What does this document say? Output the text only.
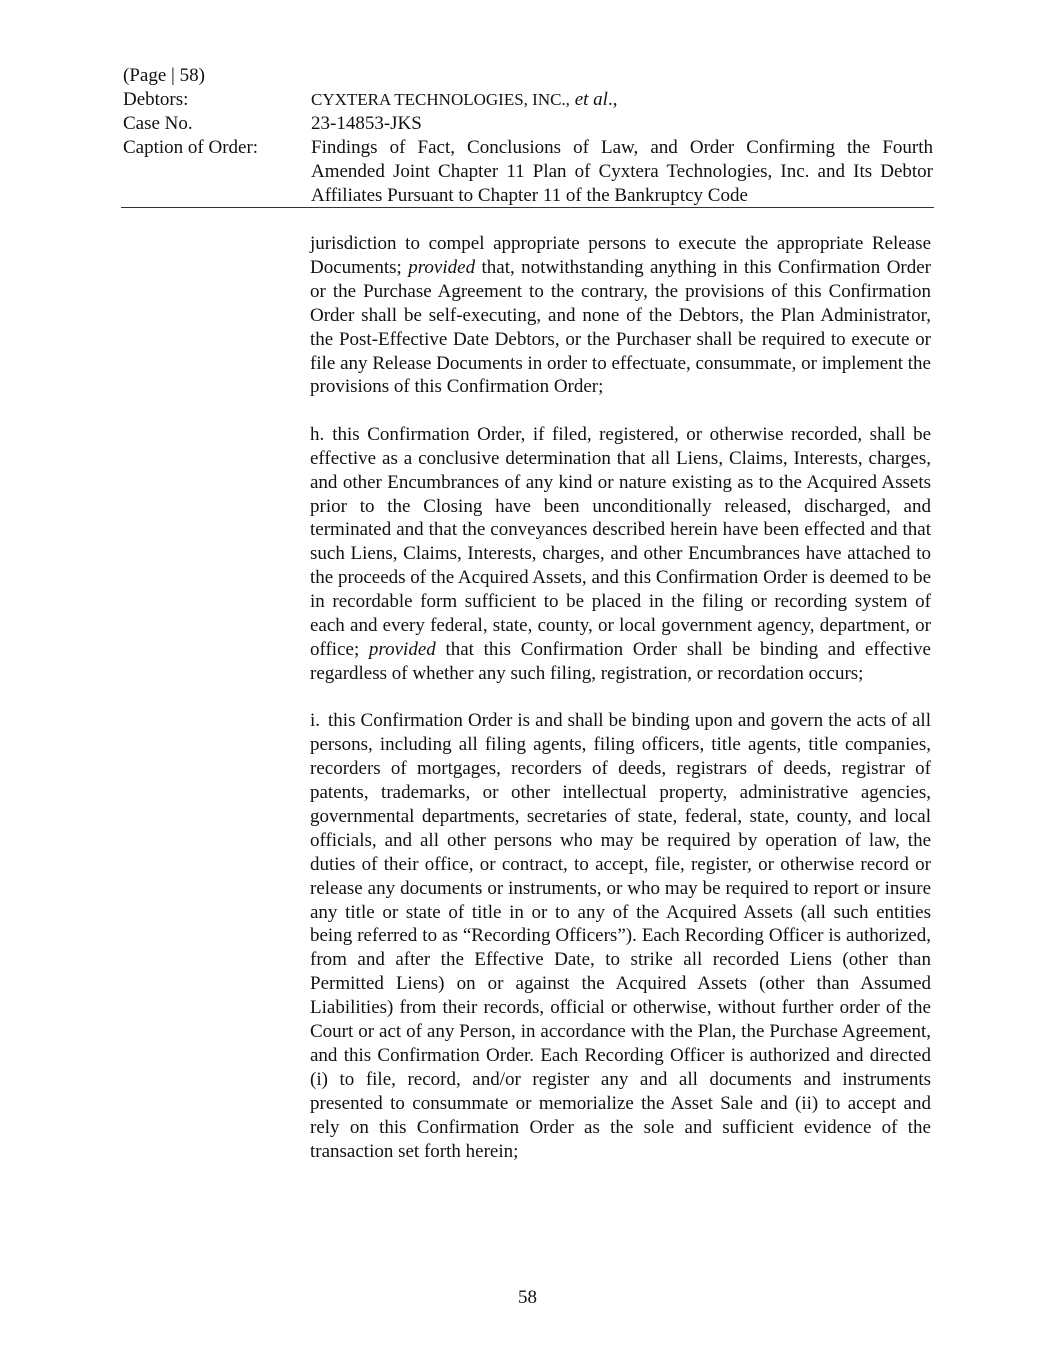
(Page | 58)
Debtors:	CYXTERA TECHNOLOGIES, INC., et al.,
Case No.	23-14853-JKS
Caption of Order:	Findings of Fact, Conclusions of Law, and Order Confirming the Fourth Amended Joint Chapter 11 Plan of Cyxtera Technologies, Inc. and Its Debtor Affiliates Pursuant to Chapter 11 of the Bankruptcy Code

jurisdiction to compel appropriate persons to execute the appropriate Release Documents; provided that, notwithstanding anything in this Confirmation Order or the Purchase Agreement to the contrary, the provisions of this Confirmation Order shall be self-executing, and none of the Debtors, the Plan Administrator, the Post-Effective Date Debtors, or the Purchaser shall be required to execute or file any Release Documents in order to effectuate, consummate, or implement the provisions of this Confirmation Order;

h. this Confirmation Order, if filed, registered, or otherwise recorded, shall be effective as a conclusive determination that all Liens, Claims, Interests, charges, and other Encumbrances of any kind or nature existing as to the Acquired Assets prior to the Closing have been unconditionally released, discharged, and terminated and that the conveyances described herein have been effected and that such Liens, Claims, Interests, charges, and other Encumbrances have attached to the proceeds of the Acquired Assets, and this Confirmation Order is deemed to be in recordable form sufficient to be placed in the filing or recording system of each and every federal, state, county, or local government agency, department, or office; provided that this Confirmation Order shall be binding and effective regardless of whether any such filing, registration, or recordation occurs;

i. this Confirmation Order is and shall be binding upon and govern the acts of all persons, including all filing agents, filing officers, title agents, title companies, recorders of mortgages, recorders of deeds, registrars of deeds, registrar of patents, trademarks, or other intellectual property, administrative agencies, governmental departments, secretaries of state, federal, state, county, and local officials, and all other persons who may be required by operation of law, the duties of their office, or contract, to accept, file, register, or otherwise record or release any documents or instruments, or who may be required to report or insure any title or state of title in or to any of the Acquired Assets (all such entities being referred to as “Recording Officers”). Each Recording Officer is authorized, from and after the Effective Date, to strike all recorded Liens (other than Permitted Liens) on or against the Acquired Assets (other than Assumed Liabilities) from their records, official or otherwise, without further order of the Court or act of any Person, in accordance with the Plan, the Purchase Agreement, and this Confirmation Order. Each Recording Officer is authorized and directed (i) to file, record, and/or register any and all documents and instruments presented to consummate or memorialize the Asset Sale and (ii) to accept and rely on this Confirmation Order as the sole and sufficient evidence of the transaction set forth herein;

58
